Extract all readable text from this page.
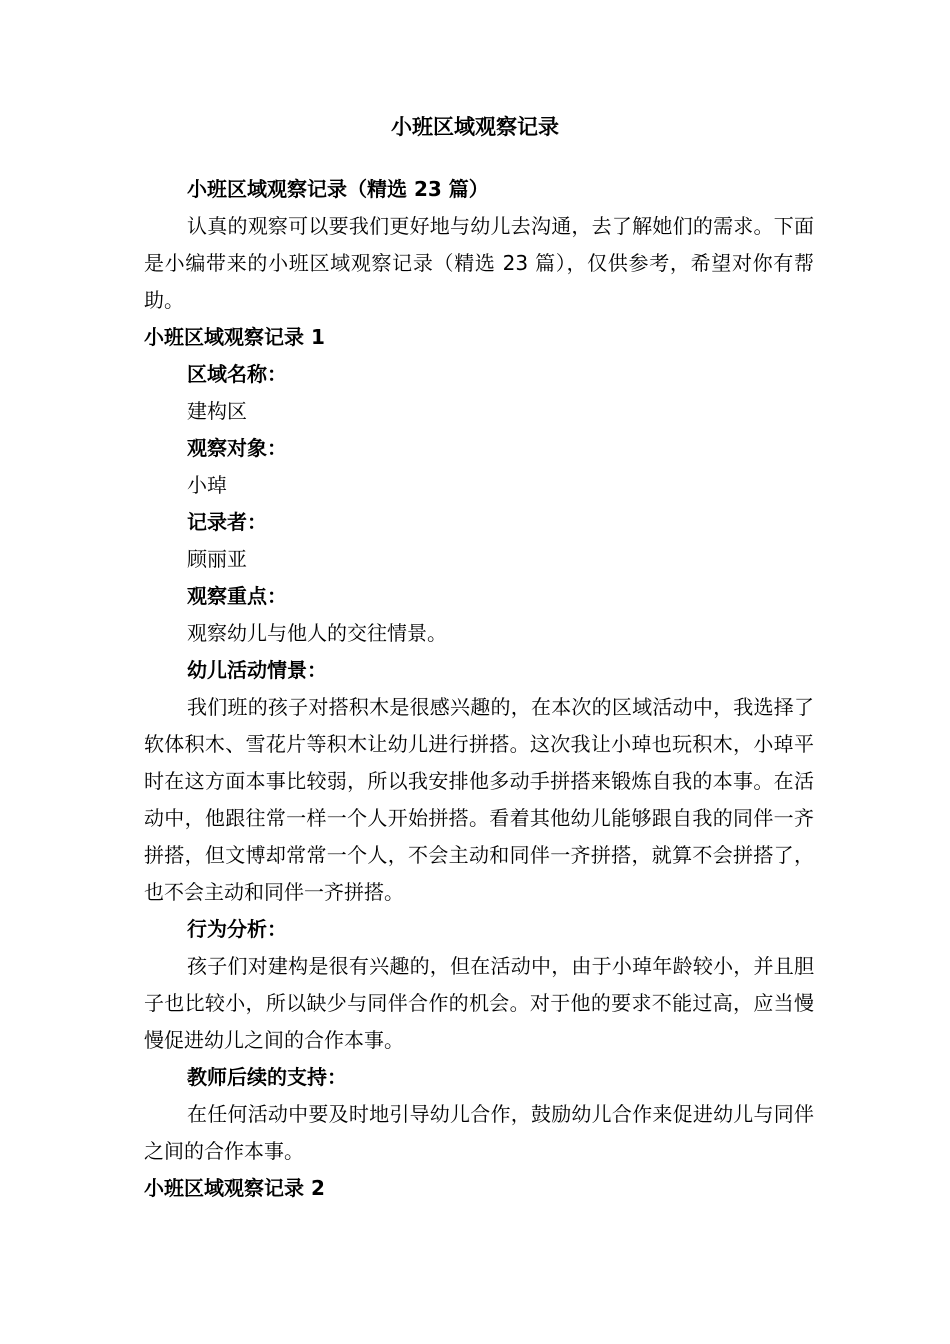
小班区域观察记录

小班区域观察记录（精选 23 篇）

认真的观察可以要我们更好地与幼儿去沟通，去了解她们的需求。下面是小编带来的小班区域观察记录（精选 23 篇），仅供参考，希望对你有帮助。

小班区域观察记录 1

区域名称：

建构区

观察对象：

小琸

记录者：

顾丽亚

观察重点：

观察幼儿与他人的交往情景。

幼儿活动情景：

我们班的孩子对搭积木是很感兴趣的，在本次的区域活动中，我选择了软体积木、雪花片等积木让幼儿进行拼搭。这次我让小琸也玩积木，小琸平时在这方面本事比较弱，所以我安排他多动手拼搭来锻炼自我的本事。在活动中，他跟往常一样一个人开始拼搭。看着其他幼儿能够跟自我的同伴一齐拼搭，但文博却常常一个人，不会主动和同伴一齐拼搭，就算不会拼搭了，也不会主动和同伴一齐拼搭。

行为分析：

孩子们对建构是很有兴趣的，但在活动中，由于小琸年龄较小，并且胆子也比较小，所以缺少与同伴合作的机会。对于他的要求不能过高，应当慢慢促进幼儿之间的合作本事。

教师后续的支持：

在任何活动中要及时地引导幼儿合作，鼓励幼儿合作来促进幼儿与同伴之间的合作本事。

小班区域观察记录 2
